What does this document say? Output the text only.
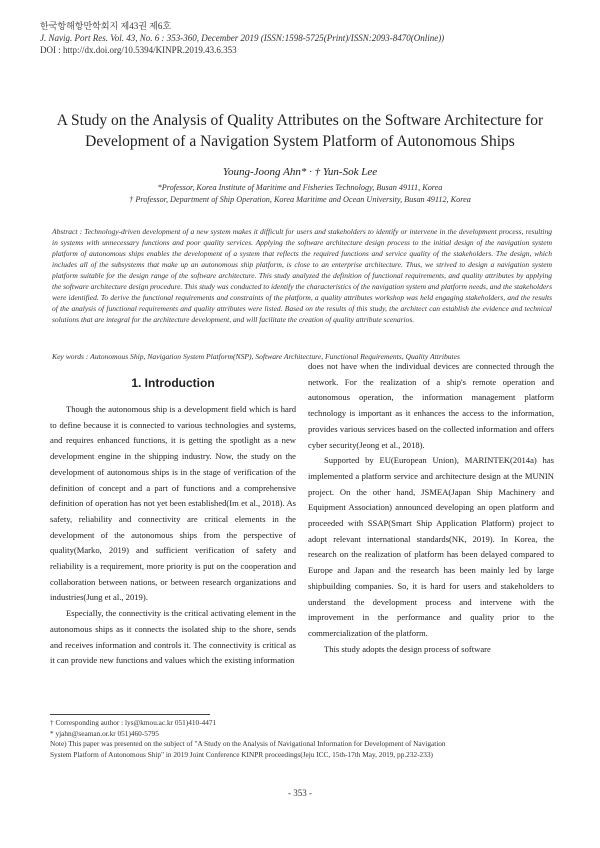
한국항해항만학회지 제43권 제6호
J. Navig. Port Res. Vol. 43, No. 6 : 353-360, December 2019 (ISSN:1598-5725(Print)/ISSN:2093-8470(Online))
DOI : http://dx.doi.org/10.5394/KINPR.2019.43.6.353
A Study on the Analysis of Quality Attributes on the Software Architecture for Development of a Navigation System Platform of Autonomous Ships
Young-Joong Ahn* · † Yun-Sok Lee
*Professor, Korea Institute of Maritime and Fisheries Technology, Busan 49111, Korea
† Professor, Department of Ship Operation, Korea Maritime and Ocean University, Busan 49112, Korea
Abstract : Technology-driven development of a new system makes it difficult for users and stakeholders to identify or intervene in the development process, resulting in systems with unnecessary functions and poor quality services. Applying the software architecture design process to the initial design of the navigation system platform of autonomous ships enables the development of a system that reflects the required functions and service quality of the stakeholders. The design, which includes all of the subsystems that make up an autonomous ship platform, is close to an enterprise architecture. Thus, we strived to design a navigation system platform suitable for the design range of the software architecture. This study analyzed the definition of functional requirements, and quality attributes by applying the software architecture design procedure. This study was conducted to identify the characteristics of the navigation system and platform needs, and the stakeholders were identified. To derive the functional requirements and constraints of the platform, a quality attributes workshop was held engaging stakeholders, and the results of the analysis of functional requirements and quality attributes were listed. Based on the results of this study, the architect can establish the evidence and technical solutions that are integral for the architecture development, and will facilitate the creation of quality attribute scenarios.
Key words : Autonomous Ship, Navigation System Platform(NSP), Software Architecture, Functional Requirements, Quality Attributes
1. Introduction

Though the autonomous ship is a development field which is hard to define because it is connected to various technologies and systems, and requires enhanced functions, it is getting the spotlight as a new development engine in the shipping industry. Now, the study on the development of autonomous ships is in the stage of verification of the definition of concept and a part of functions and a comprehensive definition of operation has not yet been established(Im et al., 2018). As safety, reliability and connectivity are critical elements in the development of the autonomous ships from the perspective of quality(Marko, 2019) and sufficient verification of safety and reliability is a requirement, more priority is put on the cooperation and collaboration between nations, or between research organizations and industries(Jung et al., 2019).

Especially, the connectivity is the critical activating element in the autonomous ships as it connects the isolated ship to the shore, sends and receives information and controls it. The connectivity is critical as it can provide new functions and values which the existing information

does not have when the individual devices are connected through the network. For the realization of a ship's remote operation and autonomous operation, the information management platform technology is important as it enhances the access to the information, provides various services based on the collected information and offers cyber security(Jeong et al., 2018).

Supported by EU(European Union), MARINTEK(2014a) has implemented a platform service and architecture design at the MUNIN project. On the other hand, JSMEA(Japan Ship Machinery and Equipment Association) announced developing an open platform and proceeded with SSAP(Smart Ship Application Platform) project to adopt relevant international standards(NK, 2019). In Korea, the research on the realization of platform has been delayed compared to Europe and Japan and the research has been mainly led by large shipbuilding companies. So, it is hard for users and stakeholders to understand the development process and intervene with the improvement in the performance and quality prior to the commercialization of the platform.

This study adopts the design process of software

† Corresponding author : lys@kmou.ac.kr 051)410-4471
* yjahn@seaman.or.kr 051)460-5795
Note) This paper was presented on the subject of "A Study on the Analysis of Navigational Information for Development of Navigation
System Platform of Autonomous Ship" in 2019 Joint Conference KINPR proceedings(Jeju ICC, 15th-17th May, 2019, pp.232-233)
- 353 -
